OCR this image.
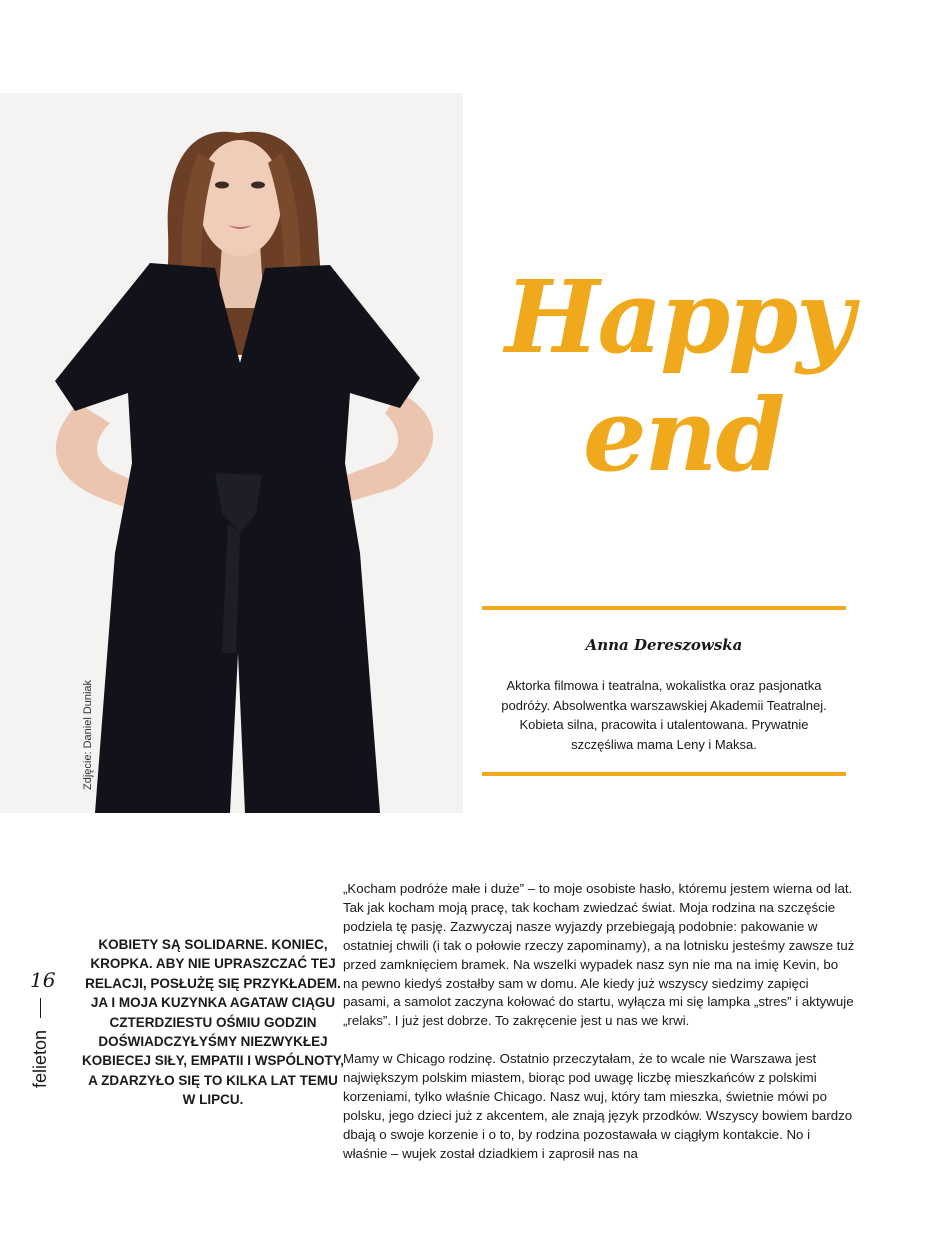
Zdjęcie: Daniel Duniak
Happy
end
Anna Dereszowska
Aktorka filmowa i teatralna, wokalistka oraz pasjonatka podróży. Absolwentka warszawskiej Akademii Teatralnej. Kobieta silna, pracowita i utalentowana. Prywatnie szczęśliwa mama Leny i Maksa.
16
felieton
KOBIETY SĄ SOLIDARNE. KONIEC, KROPKA. ABY NIE UPRASZCZAĆ TEJ RELACJI, POSŁUŻĘ SIĘ PRZYKŁADEM. JA I MOJA KUZYNKA AGATAW CIĄGU CZTERDZIESTU OŚMIU GODZIN DOŚWIADCZYŁYŚMY NIEZWYKŁEJ KOBIECEJ SIŁY, EMPATII I WSPÓLNOTY, A ZDARZYŁO SIĘ TO KILKA LAT TEMU W LIPCU.

„Kocham podróże małe i duże” – to moje osobiste hasło, któremu jestem wierna od lat. Tak jak kocham moją pracę, tak kocham zwiedzać świat. Moja rodzina na szczęście podziela tę pasję. Zazwyczaj nasze wyjazdy przebiegają podobnie: pakowanie w ostatniej chwili (i tak o połowie rzeczy zapominamy), a na lotnisku jesteśmy zawsze tuż przed zamknięciem bramek. Na wszelki wypadek nasz syn nie ma na imię Kevin, bo na pewno kiedyś zostałby sam w domu. Ale kiedy już wszyscy siedzimy zapięci pasami, a samolot zaczyna kołować do startu, wyłącza mi się lampka „stres” i aktywuje „relaks”. I już jest dobrze. To zakręcenie jest u nas we krwi.

Mamy w Chicago rodzinę. Ostatnio przeczytałam, że to wcale nie Warszawa jest największym polskim miastem, biorąc pod uwagę liczbę mieszkańców z polskimi korzeniami, tylko właśnie Chicago. Nasz wuj, który tam mieszka, świetnie mówi po polsku, jego dzieci już z akcentem, ale znają język przodków. Wszyscy bowiem bardzo dbają o swoje korzenie i o to, by rodzina pozostawała w ciągłym kontakcie. No i właśnie – wujek został dziadkiem i zaprosił nas na
